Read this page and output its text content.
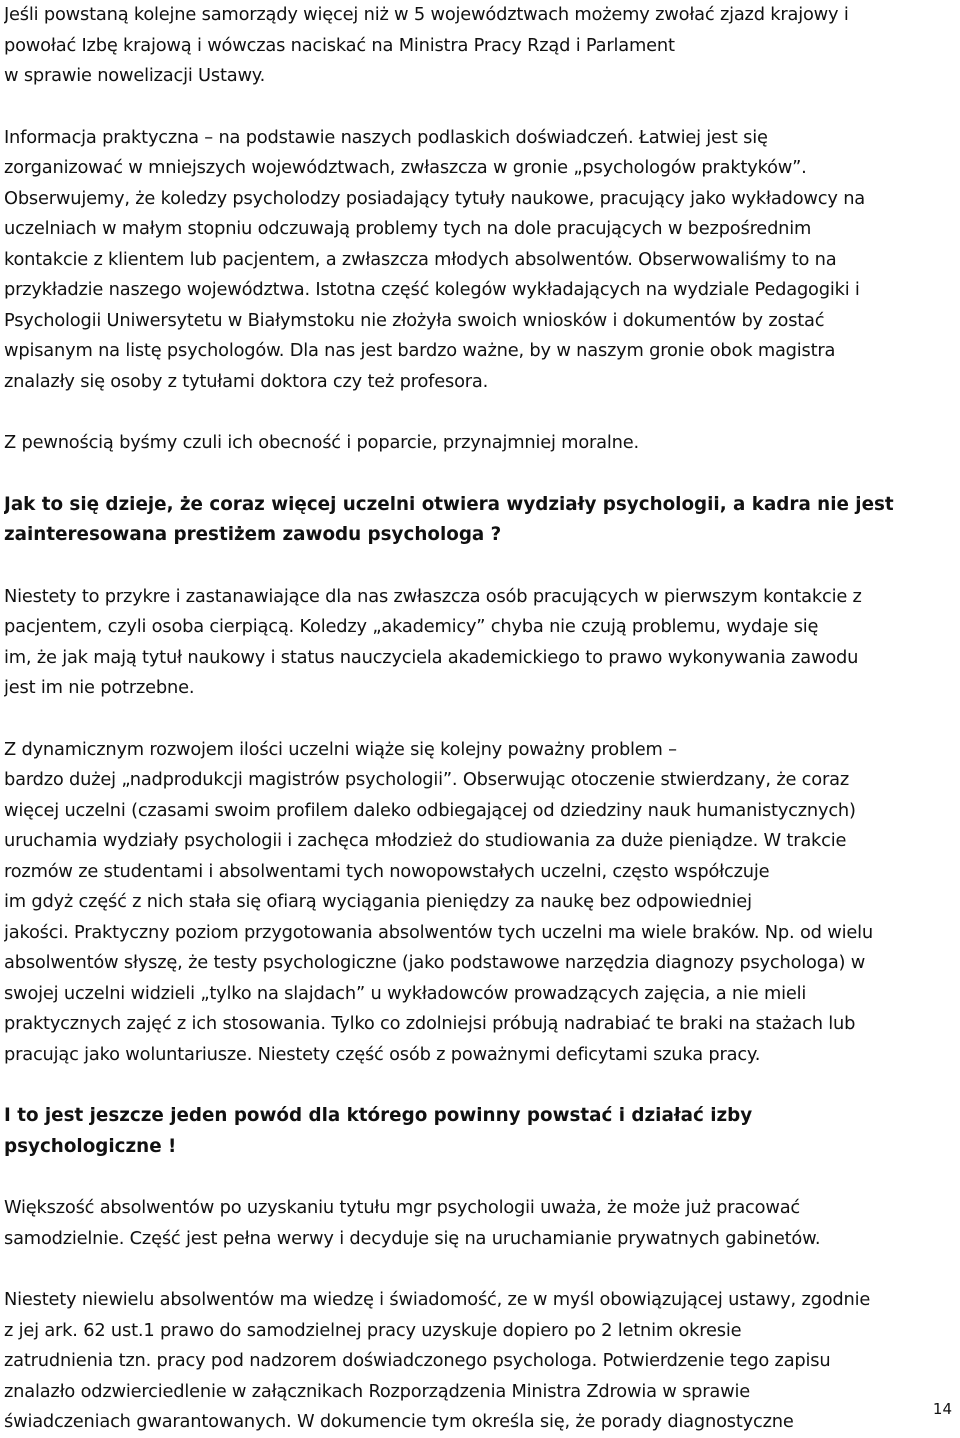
Jeśli powstaną kolejne samorządy więcej niż w 5 województwach możemy zwołać zjazd krajowy i
powołać Izbę krajową i wówczas naciskać na Ministra Pracy Rząd i Parlament
w sprawie nowelizacji Ustawy.
Informacja praktyczna – na podstawie naszych podlaskich doświadczeń. Łatwiej jest się
zorganizować w mniejszych województwach, zwłaszcza w gronie „psychologów praktyków”.
Obserwujemy, że koledzy psycholodzy posiadający tytuły naukowe, pracujący jako wykładowcy na
uczelniach w małym stopniu odczuwają problemy tych na dole pracujących w bezpośrednim
kontakcie z klientem lub pacjentem, a zwłaszcza młodych absolwentów. Obserwowaliśmy to na
przykładzie naszego województwa. Istotna część kolegów wykładających na wydziale Pedagogiki i
Psychologii Uniwersytetu w Białymstoku nie złożyła swoich wniosków i dokumentów by zostać
wpisanym na listę psychologów. Dla nas jest bardzo ważne, by w naszym gronie obok magistra
znalazły się osoby z tytułami doktora czy też profesora.
Z pewnością byśmy czuli ich obecność i poparcie, przynajmniej moralne.
Jak to się dzieje, że coraz więcej uczelni otwiera wydziały psychologii, a kadra nie jest
zainteresowana prestiżem zawodu psychologa ?
Niestety to przykre i zastanawiające dla nas zwłaszcza osób pracujących w pierwszym kontakcie z
pacjentem, czyli osoba cierpiącą. Koledzy „akademicy” chyba nie czują problemu, wydaje się
im, że jak mają tytuł naukowy i status nauczyciela akademickiego to prawo wykonywania zawodu
jest im nie potrzebne.
Z dynamicznym rozwojem ilości uczelni wiąże się kolejny poważny problem –
bardzo dużej „nadprodukcji magistrów psychologii”. Obserwując otoczenie stwierdzany, że coraz
więcej uczelni (czasami swoim profilem daleko odbiegającej od dziedziny nauk humanistycznych)
uruchamia wydziały psychologii i zachęca młodzież do studiowania za duże pieniądze. W trakcie
rozmów ze studentami i absolwentami tych nowopowstałych uczelni, często współczuje
im gdyż część z nich stała się ofiarą wyciągania pieniędzy za naukę bez odpowiedniej
jakości. Praktyczny poziom przygotowania absolwentów tych uczelni ma wiele braków. Np. od wielu
absolwentów słyszę, że testy psychologiczne (jako podstawowe narzędzia diagnozy psychologa) w
swojej uczelni widzieli „tylko na slajdach” u wykładowców prowadzących zajęcia, a nie mieli
praktycznych zajęć z ich stosowania. Tylko co zdolniejsi próbują nadrabiać te braki na stażach lub
pracując jako woluntariusze. Niestety część osób z poważnymi deficytami szuka pracy.
I to jest jeszcze jeden powód dla którego powinny powstać i działać izby
psychologiczne !
Większość absolwentów po uzyskaniu tytułu mgr psychologii uważa, że może już pracować
samodzielnie. Część jest pełna werwy i decyduje się na uruchamianie prywatnych gabinetów.
Niestety niewielu absolwentów ma wiedzę i świadomość, ze w myśl obowiązującej ustawy, zgodnie
z jej ark. 62 ust.1 prawo do samodzielnej pracy uzyskuje dopiero po 2 letnim okresie
zatrudnienia tzn. pracy pod nadzorem doświadczonego psychologa. Potwierdzenie tego zapisu
znalazło odzwierciedlenie w załącznikach Rozporządzenia Ministra Zdrowia w sprawie
świadczeniach gwarantowanych. W dokumencie tym określa się, że porady diagnostyczne
14
